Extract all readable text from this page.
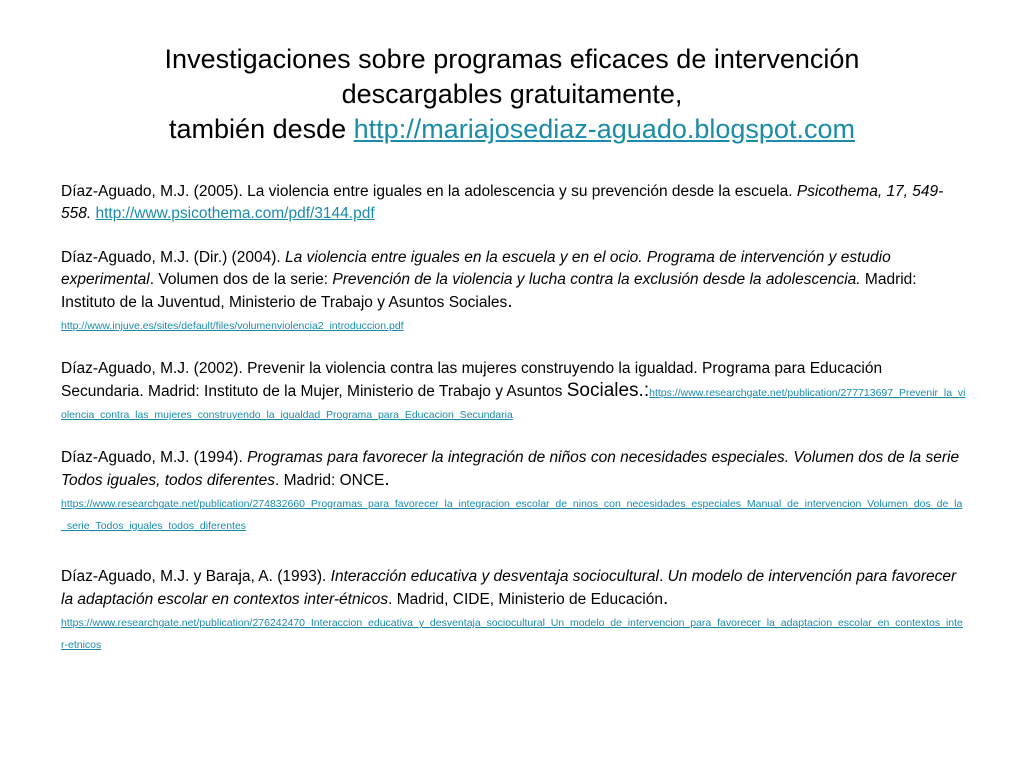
Investigaciones sobre programas eficaces de intervención
descargables gratuitamente,
también desde http://mariajosediaz-aguado.blogspot.com
Díaz-Aguado, M.J. (2005). La violencia entre iguales en la adolescencia y su prevención desde la escuela. Psicothema, 17, 549-558. http://www.psicothema.com/pdf/3144.pdf
Díaz-Aguado, M.J. (Dir.) (2004). La violencia entre iguales en la escuela y en el ocio. Programa de intervención y estudio experimental. Volumen dos de la serie: Prevención de la violencia y lucha contra la exclusión desde la adolescencia. Madrid: Instituto de la Juventud, Ministerio de Trabajo y Asuntos Sociales.
http://www.injuve.es/sites/default/files/volumenviolencia2_introduccion.pdf
Díaz-Aguado, M.J. (2002). Prevenir la violencia contra las mujeres construyendo la igualdad. Programa para Educación Secundaria. Madrid: Instituto de la Mujer, Ministerio de Trabajo y Asuntos Sociales.:https://www.researchgate.net/publication/277713697_Prevenir_la_violencia_contra_las_mujeres_construyendo_la_igualdad_Programa_para_Educacion_Secundaria
Díaz-Aguado, M.J. (1994). Programas para favorecer la integración de niños con necesidades especiales. Volumen dos de la serie Todos iguales, todos diferentes. Madrid: ONCE.
https://www.researchgate.net/publication/274832660_Programas_para_favorecer_la_integracion_escolar_de_ninos_con_necesidades_especiales_Manual_de_intervencion_Volumen_dos_de_la_serie_Todos_iguales_todos_diferentes
Díaz-Aguado, M.J. y Baraja, A. (1993). Interacción educativa y desventaja sociocultural. Un modelo de intervención para favorecer la adaptación escolar en contextos inter-étnicos. Madrid, CIDE, Ministerio de Educación.
https://www.researchgate.net/publication/276242470_Interaccion_educativa_y_desventaja_sociocultural_Un_modelo_de_intervencion_para_favorecer_la_adaptacion_escolar_en_contextos_inter-etnicos
